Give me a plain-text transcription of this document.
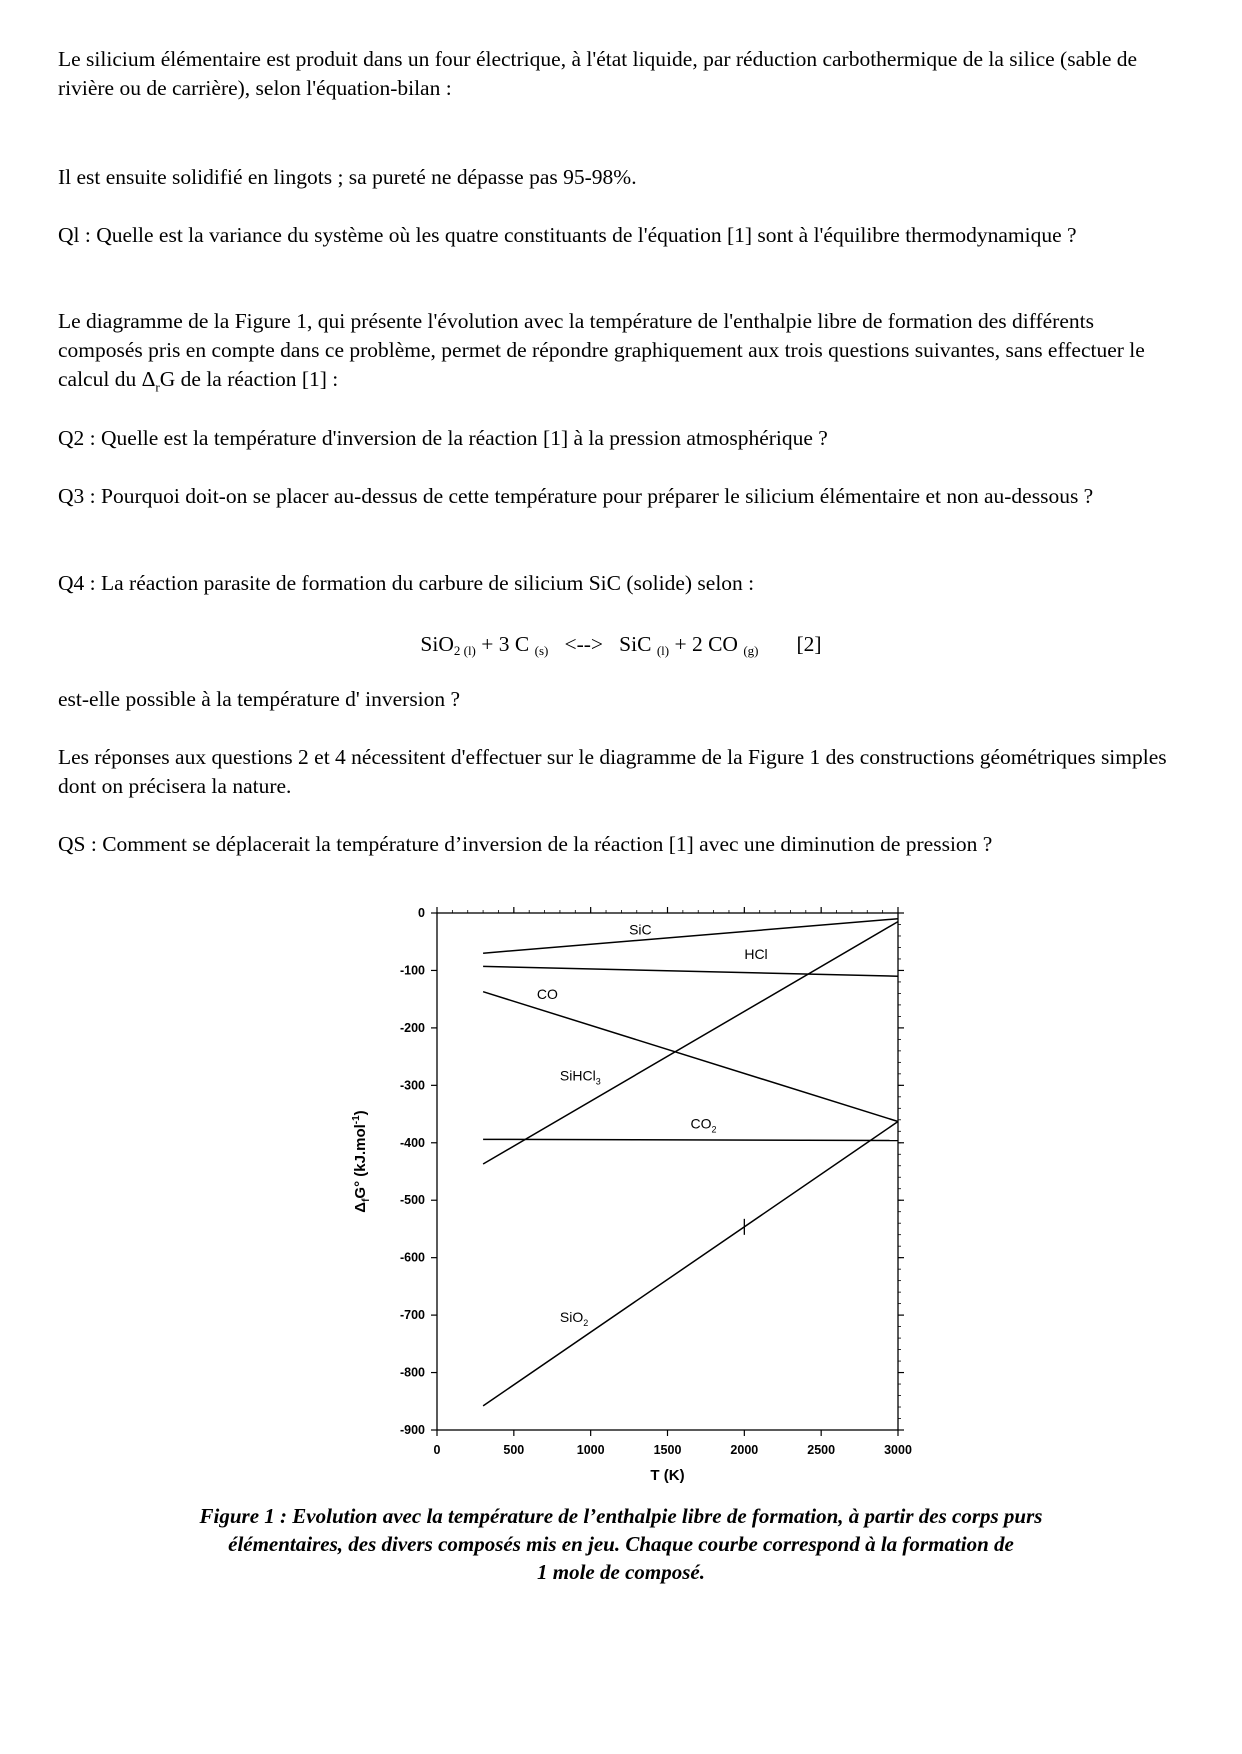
Le silicium élémentaire est produit dans un four électrique, à l'état liquide, par réduction carbothermique de la silice (sable de rivière ou de carrière), selon l'équation-bilan :

Il est ensuite solidifié en lingots ; sa pureté ne dépasse pas 95-98%.

Ql : Quelle est la variance du système où les quatre constituants de l'équation [1] sont à l'équilibre thermodynamique ?

Le diagramme de la Figure 1, qui présente l'évolution avec la température de l'enthalpie libre de formation des différents composés pris en compte dans ce problème, permet de répondre graphiquement aux trois questions suivantes, sans effectuer le calcul du $\Delta_rG$ de la réaction [1] :

Q2 : Quelle est la température d'inversion de la réaction [1] à la pression atmosphérique ?

Q3 : Pourquoi doit-on se placer au-dessus de cette température pour préparer le silicium élémentaire et non au-dessous ?

Q4 : La réaction parasite de formation du carbure de silicium SiC (solide) selon :

SiO$_{2 (l)}$ + 3 C $_{(s)}$   <-->   SiC $_{(l)}$ + 2 CO $_{(g)}$ [2]

est-elle possible à la température d' inversion ?

Les réponses aux questions 2 et 4 nécessitent d'effectuer sur le diagramme de la Figure 1 des constructions géométriques simples dont on précisera la nature.

QS : Comment se déplacerait la température d’inversion de la réaction [1] avec une diminution de pression ?

0
-100
-200
-300
-400
-500
-600
-700
-800
-900
0	500	1000	1500	2000	2500	3000
T (K)
$\Delta_fG^\circ$ (kJ.mol$^{-1}$)
SiC
HCl
CO
SiHCl$_3$
$CO_2$
SiO$_2$
Figure 1 : Evolution avec la température de l’enthalpie libre de formation, à partir des corps purs
élémentaires, des divers composés mis en jeu. Chaque courbe correspond à la formation de
1 mole de composé.
